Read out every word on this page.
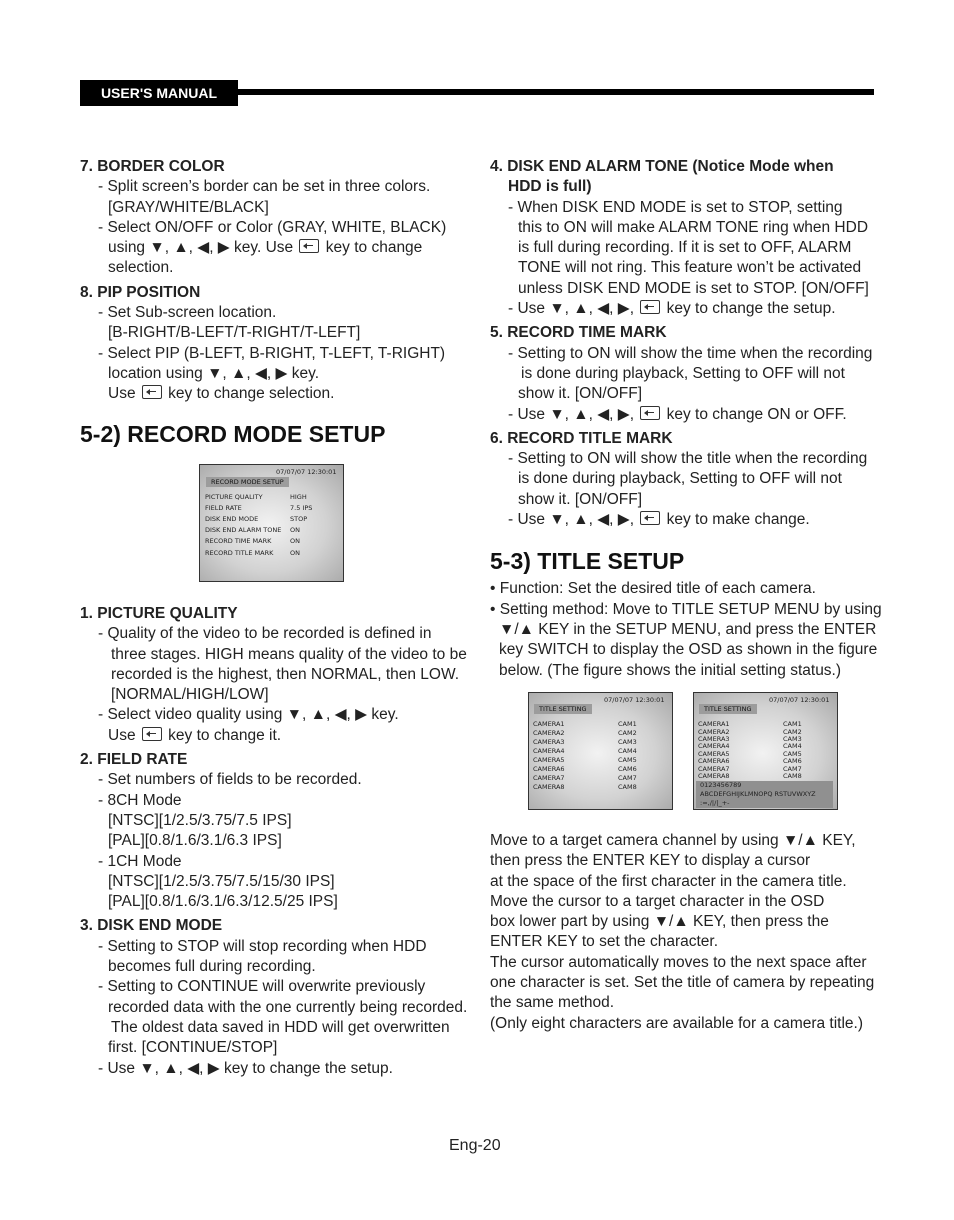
USER'S MANUAL
7. BORDER COLOR
- Split screen’s border can be set in three colors.
[GRAY/WHITE/BLACK]
- Select ON/OFF or Color (GRAY, WHITE, BLACK)
using ▼, ▲, ◀, ▶ key. Use  key to change
selection.
8. PIP POSITION
- Set Sub-screen location.
[B-RIGHT/B-LEFT/T-RIGHT/T-LEFT]
- Select PIP (B-LEFT, B-RIGHT, T-LEFT, T-RIGHT)
location using ▼, ▲, ◀, ▶ key.
Use  key to change selection.
5-2) RECORD MODE SETUP
07/07/07 12:30:01
RECORD MODE SETUP
PICTURE QUALITY	HIGH
FIELD RATE	7.5 IPS
DISK END MODE	STOP
DISK END ALARM TONE ON
RECORD TIME MARK	ON
RECORD TITLE MARK	ON
1. PICTURE QUALITY
- Quality of the video to be recorded is defined in
three stages. HIGH means quality of the video to be
recorded is the highest, then NORMAL, then LOW.
[NORMAL/HIGH/LOW]
- Select video quality using ▼, ▲, ◀, ▶ key.
Use  key to change it.
2. FIELD RATE
- Set numbers of fields to be recorded.
- 8CH Mode
[NTSC][1/2.5/3.75/7.5 IPS]
[PAL][0.8/1.6/3.1/6.3 IPS]
- 1CH Mode
[NTSC][1/2.5/3.75/7.5/15/30 IPS]
[PAL][0.8/1.6/3.1/6.3/12.5/25 IPS]
3. DISK END MODE
- Setting to STOP will stop recording when HDD
becomes full during recording.
- Setting to CONTINUE will overwrite previously
recorded data with the one currently being recorded.
The oldest data saved in HDD will get overwritten
first. [CONTINUE/STOP]
- Use ▼, ▲, ◀, ▶ key to change the setup.
4. DISK END ALARM TONE (Notice Mode when
HDD is full)
- When DISK END MODE is set to STOP, setting
this to ON will make ALARM TONE ring when HDD
is full during recording. If it is set to OFF, ALARM
TONE will not ring. This feature won’t be activated
unless DISK END MODE is set to STOP. [ON/OFF]
- Use ▼, ▲, ◀, ▶,  key to change the setup.
5. RECORD TIME MARK
- Setting to ON will show the time when the recording
is done during playback, Setting to OFF will not
show it. [ON/OFF]
- Use ▼, ▲, ◀, ▶,  key to change ON or OFF.
6. RECORD TITLE MARK
- Setting to ON will show the title when the recording
is done during playback, Setting to OFF will not
show it. [ON/OFF]
- Use ▼, ▲, ◀, ▶,  key to make change.
5-3) TITLE SETUP
• Function: Set the desired title of each camera.
• Setting method: Move to TITLE SETUP MENU by using
▼/▲ KEY in the SETUP MENU, and press the ENTER
key SWITCH to display the OSD as shown in the figure
below. (The figure shows the initial setting status.)
07/07/07 12:30:01
TITLE SETTING
CAMERA1	CAM1
CAMERA2	CAM2
CAMERA3	CAM3
CAMERA4	CAM4
CAMERA5	CAM5
CAMERA6	CAM6
CAMERA7	CAM7
CAMERA8	CAM8
07/07/07 12:30:01
TITLE SETTING
CAMERA1	CAM1
CAMERA2	CAM2
CAMERA3	CAM3
CAMERA4	CAM4
CAMERA5	CAM5
CAMERA6	CAM6
CAMERA7	CAM7
CAMERA8	CAM8
0123456789
ABCDEFGHIJKLMNOPQ RSTUVWXYZ
:=,/|/|_+-
Move to a target camera channel by using ▼/▲ KEY,
then press the ENTER KEY to display a cursor
at the space of the first character in the camera title.
Move the cursor to a target character in the OSD
box lower part by using ▼/▲ KEY, then press the
ENTER KEY to set the character.
The cursor automatically moves to the next space after
one character is set. Set the title of camera by repeating
the same method.
(Only eight characters are available for a camera title.)
Eng-20
